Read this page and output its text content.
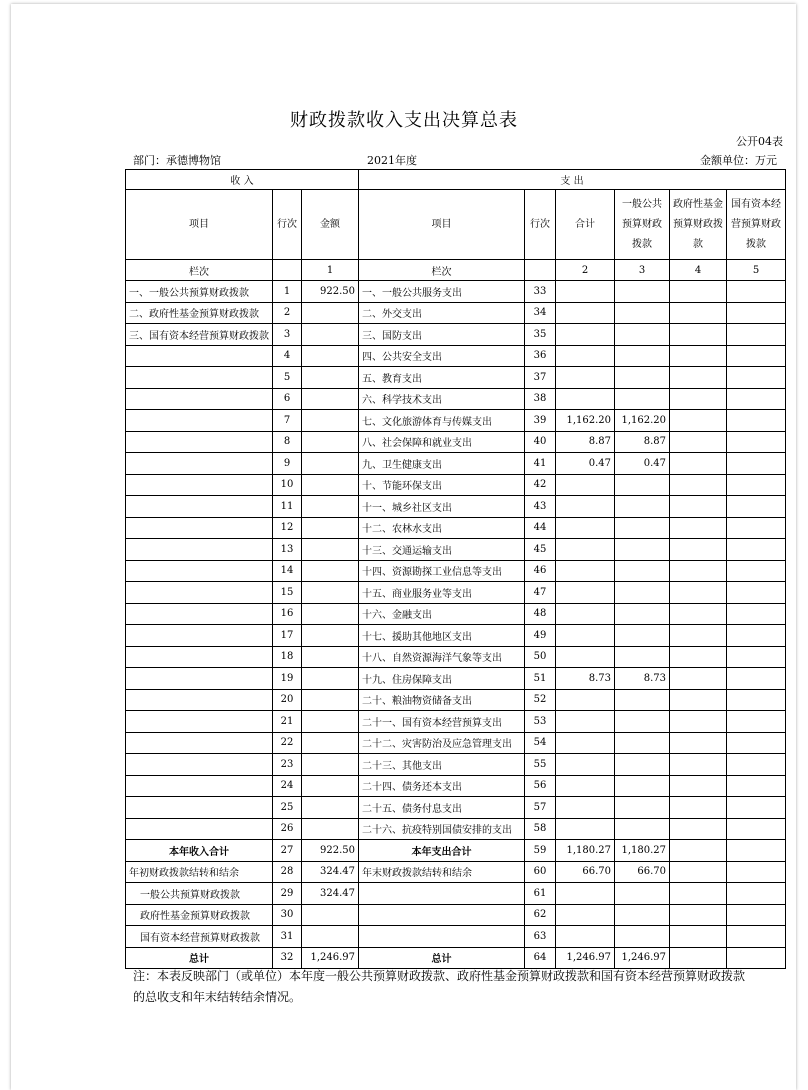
财政拨款收入支出决算总表
公开04表
部门：承德博物馆	2021年度	金额单位：万元
收 入			支 出					
项目	行次	金额	项目	行次	合计	一般公共预算财政拨款	政府性基金预算财政拨款	国有资本经营预算财政拨款
栏次		1	栏次		2	3	4	5
一、一般公共预算财政拨款	1	922.50	一、一般公共服务支出	33				
二、政府性基金预算财政拨款	2		二、外交支出	34				
三、国有资本经营预算财政拨款	3		三、国防支出	35				
	4		四、公共安全支出	36				
	5		五、教育支出	37				
	6		六、科学技术支出	38				
	7		七、文化旅游体育与传媒支出	39	1,162.20	1,162.20		
	8		八、社会保障和就业支出	40	8.87	8.87		
	9		九、卫生健康支出	41	0.47	0.47		
	10		十、节能环保支出	42				
	11		十一、城乡社区支出	43				
	12		十二、农林水支出	44				
	13		十三、交通运输支出	45				
	14		十四、资源勘探工业信息等支出	46				
	15		十五、商业服务业等支出	47				
	16		十六、金融支出	48				
	17		十七、援助其他地区支出	49				
	18		十八、自然资源海洋气象等支出	50				
	19		十九、住房保障支出	51	8.73	8.73		
	20		二十、粮油物资储备支出	52				
	21		二十一、国有资本经营预算支出	53				
	22		二十二、灾害防治及应急管理支出	54				
	23		二十三、其他支出	55				
	24		二十四、债务还本支出	56				
	25		二十五、债务付息支出	57				
	26		二十六、抗疫特别国债安排的支出	58				
本年收入合计	27	922.50	本年支出合计	59	1,180.27	1,180.27		
年初财政拨款结转和结余	28	324.47	年末财政拨款结转和结余	60	66.70	66.70		
一般公共预算财政拨款	29	324.47		61				
政府性基金预算财政拨款	30			62				
国有资本经营预算财政拨款	31			63				
总计	32	1,246.97	总计	64	1,246.97	1,246.97		
注：本表反映部门（或单位）本年度一般公共预算财政拨款、政府性基金预算财政拨款和国有资本经营预算财政拨款的总收支和年末结转结余情况。
